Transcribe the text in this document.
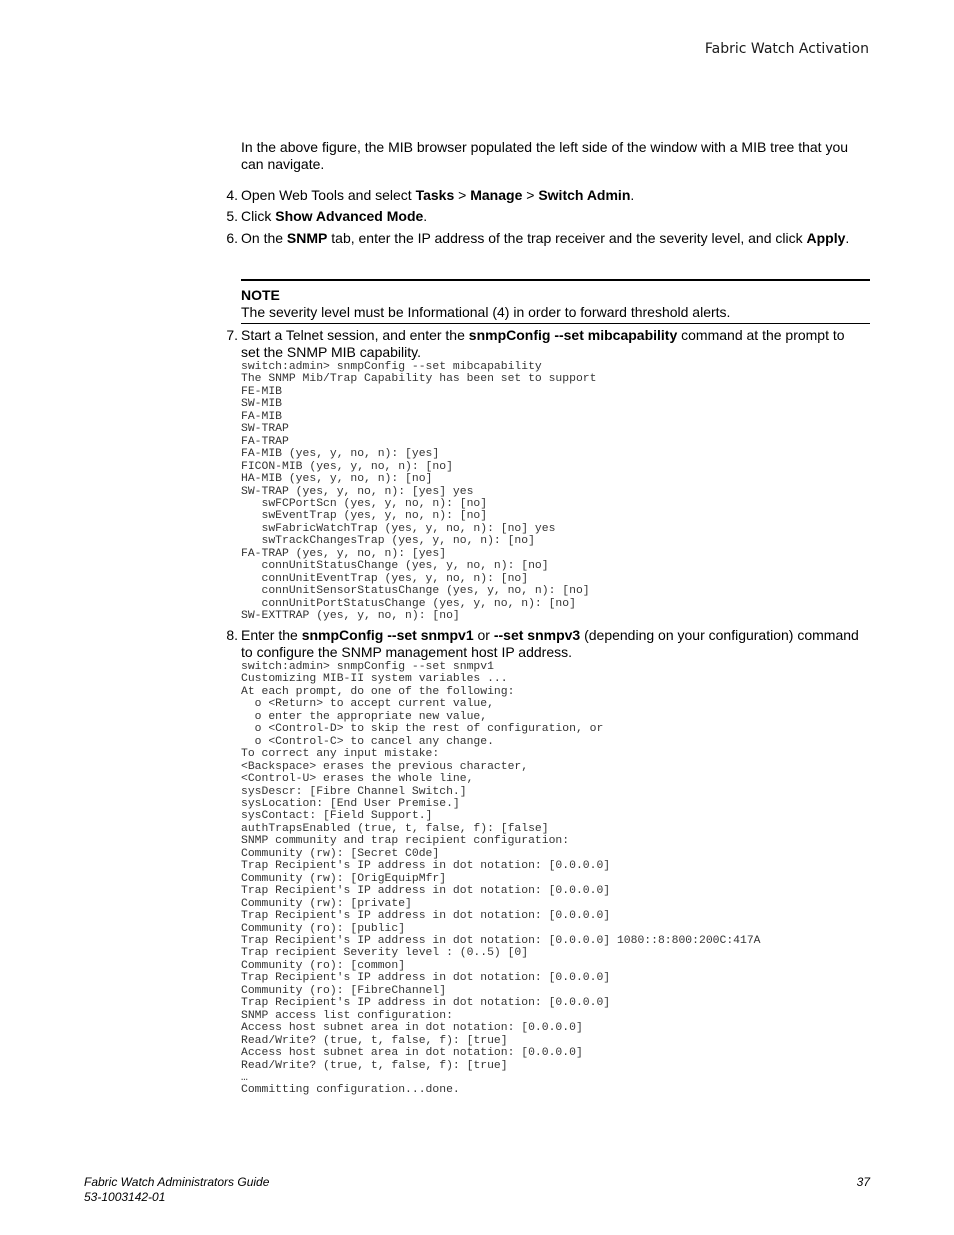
Fabric Watch Activation

In the above figure, the MIB browser populated the left side of the window with a MIB tree that you can navigate.

4. Open Web Tools and select Tasks > Manage > Switch Admin.

5. Click Show Advanced Mode.

6. On the SNMP tab, enter the IP address of the trap receiver and the severity level, and click Apply.

NOTE
The severity level must be Informational (4) in order to forward threshold alerts.

7. Start a Telnet session, and enter the snmpConfig --set mibcapability command at the prompt to set the SNMP MIB capability.

switch:admin> snmpConfig --set mibcapability
The SNMP Mib/Trap Capability has been set to support
FE-MIB
SW-MIB
FA-MIB
SW-TRAP
FA-TRAP
FA-MIB (yes, y, no, n): [yes]
FICON-MIB (yes, y, no, n): [no]
HA-MIB (yes, y, no, n): [no]
SW-TRAP (yes, y, no, n): [yes] yes
swFCPortScn (yes, y, no, n): [no]
swEventTrap (yes, y, no, n): [no]
swFabricWatchTrap (yes, y, no, n): [no] yes
swTrackChangesTrap (yes, y, no, n): [no]
FA-TRAP (yes, y, no, n): [yes]
connUnitStatusChange (yes, y, no, n): [no]
connUnitEventTrap (yes, y, no, n): [no]
connUnitSensorStatusChange (yes, y, no, n): [no]
connUnitPortStatusChange (yes, y, no, n): [no]
SW-EXTTRAP (yes, y, no, n): [no]

8. Enter the snmpConfig --set snmpv1 or --set snmpv3 (depending on your configuration) command to configure the SNMP management host IP address.

switch:admin> snmpConfig --set snmpv1
Customizing MIB-II system variables ...
At each prompt, do one of the following:
o <Return> to accept current value,
o enter the appropriate new value,
o <Control-D> to skip the rest of configuration, or
o <Control-C> to cancel any change.
To correct any input mistake:
<Backspace> erases the previous character,
<Control-U> erases the whole line,
sysDescr: [Fibre Channel Switch.]
sysLocation: [End User Premise.]
sysContact: [Field Support.]
authTrapsEnabled (true, t, false, f): [false]
SNMP community and trap recipient configuration:
Community (rw): [Secret C0de]
Trap Recipient's IP address in dot notation: [0.0.0.0]
Community (rw): [OrigEquipMfr]
Trap Recipient's IP address in dot notation: [0.0.0.0]
Community (rw): [private]
Trap Recipient's IP address in dot notation: [0.0.0.0]
Community (ro): [public]
Trap Recipient's IP address in dot notation: [0.0.0.0] 1080::8:800:200C:417A
Trap recipient Severity level : (0..5) [0]
Community (ro): [common]
Trap Recipient's IP address in dot notation: [0.0.0.0]
Community (ro): [FibreChannel]
Trap Recipient's IP address in dot notation: [0.0.0.0]
SNMP access list configuration:
Access host subnet area in dot notation: [0.0.0.0]
Read/Write? (true, t, false, f): [true]
Access host subnet area in dot notation: [0.0.0.0]
Read/Write? (true, t, false, f): [true]
…
Committing configuration...done.
Fabric Watch Administrators Guide
53-1003142-01
37
